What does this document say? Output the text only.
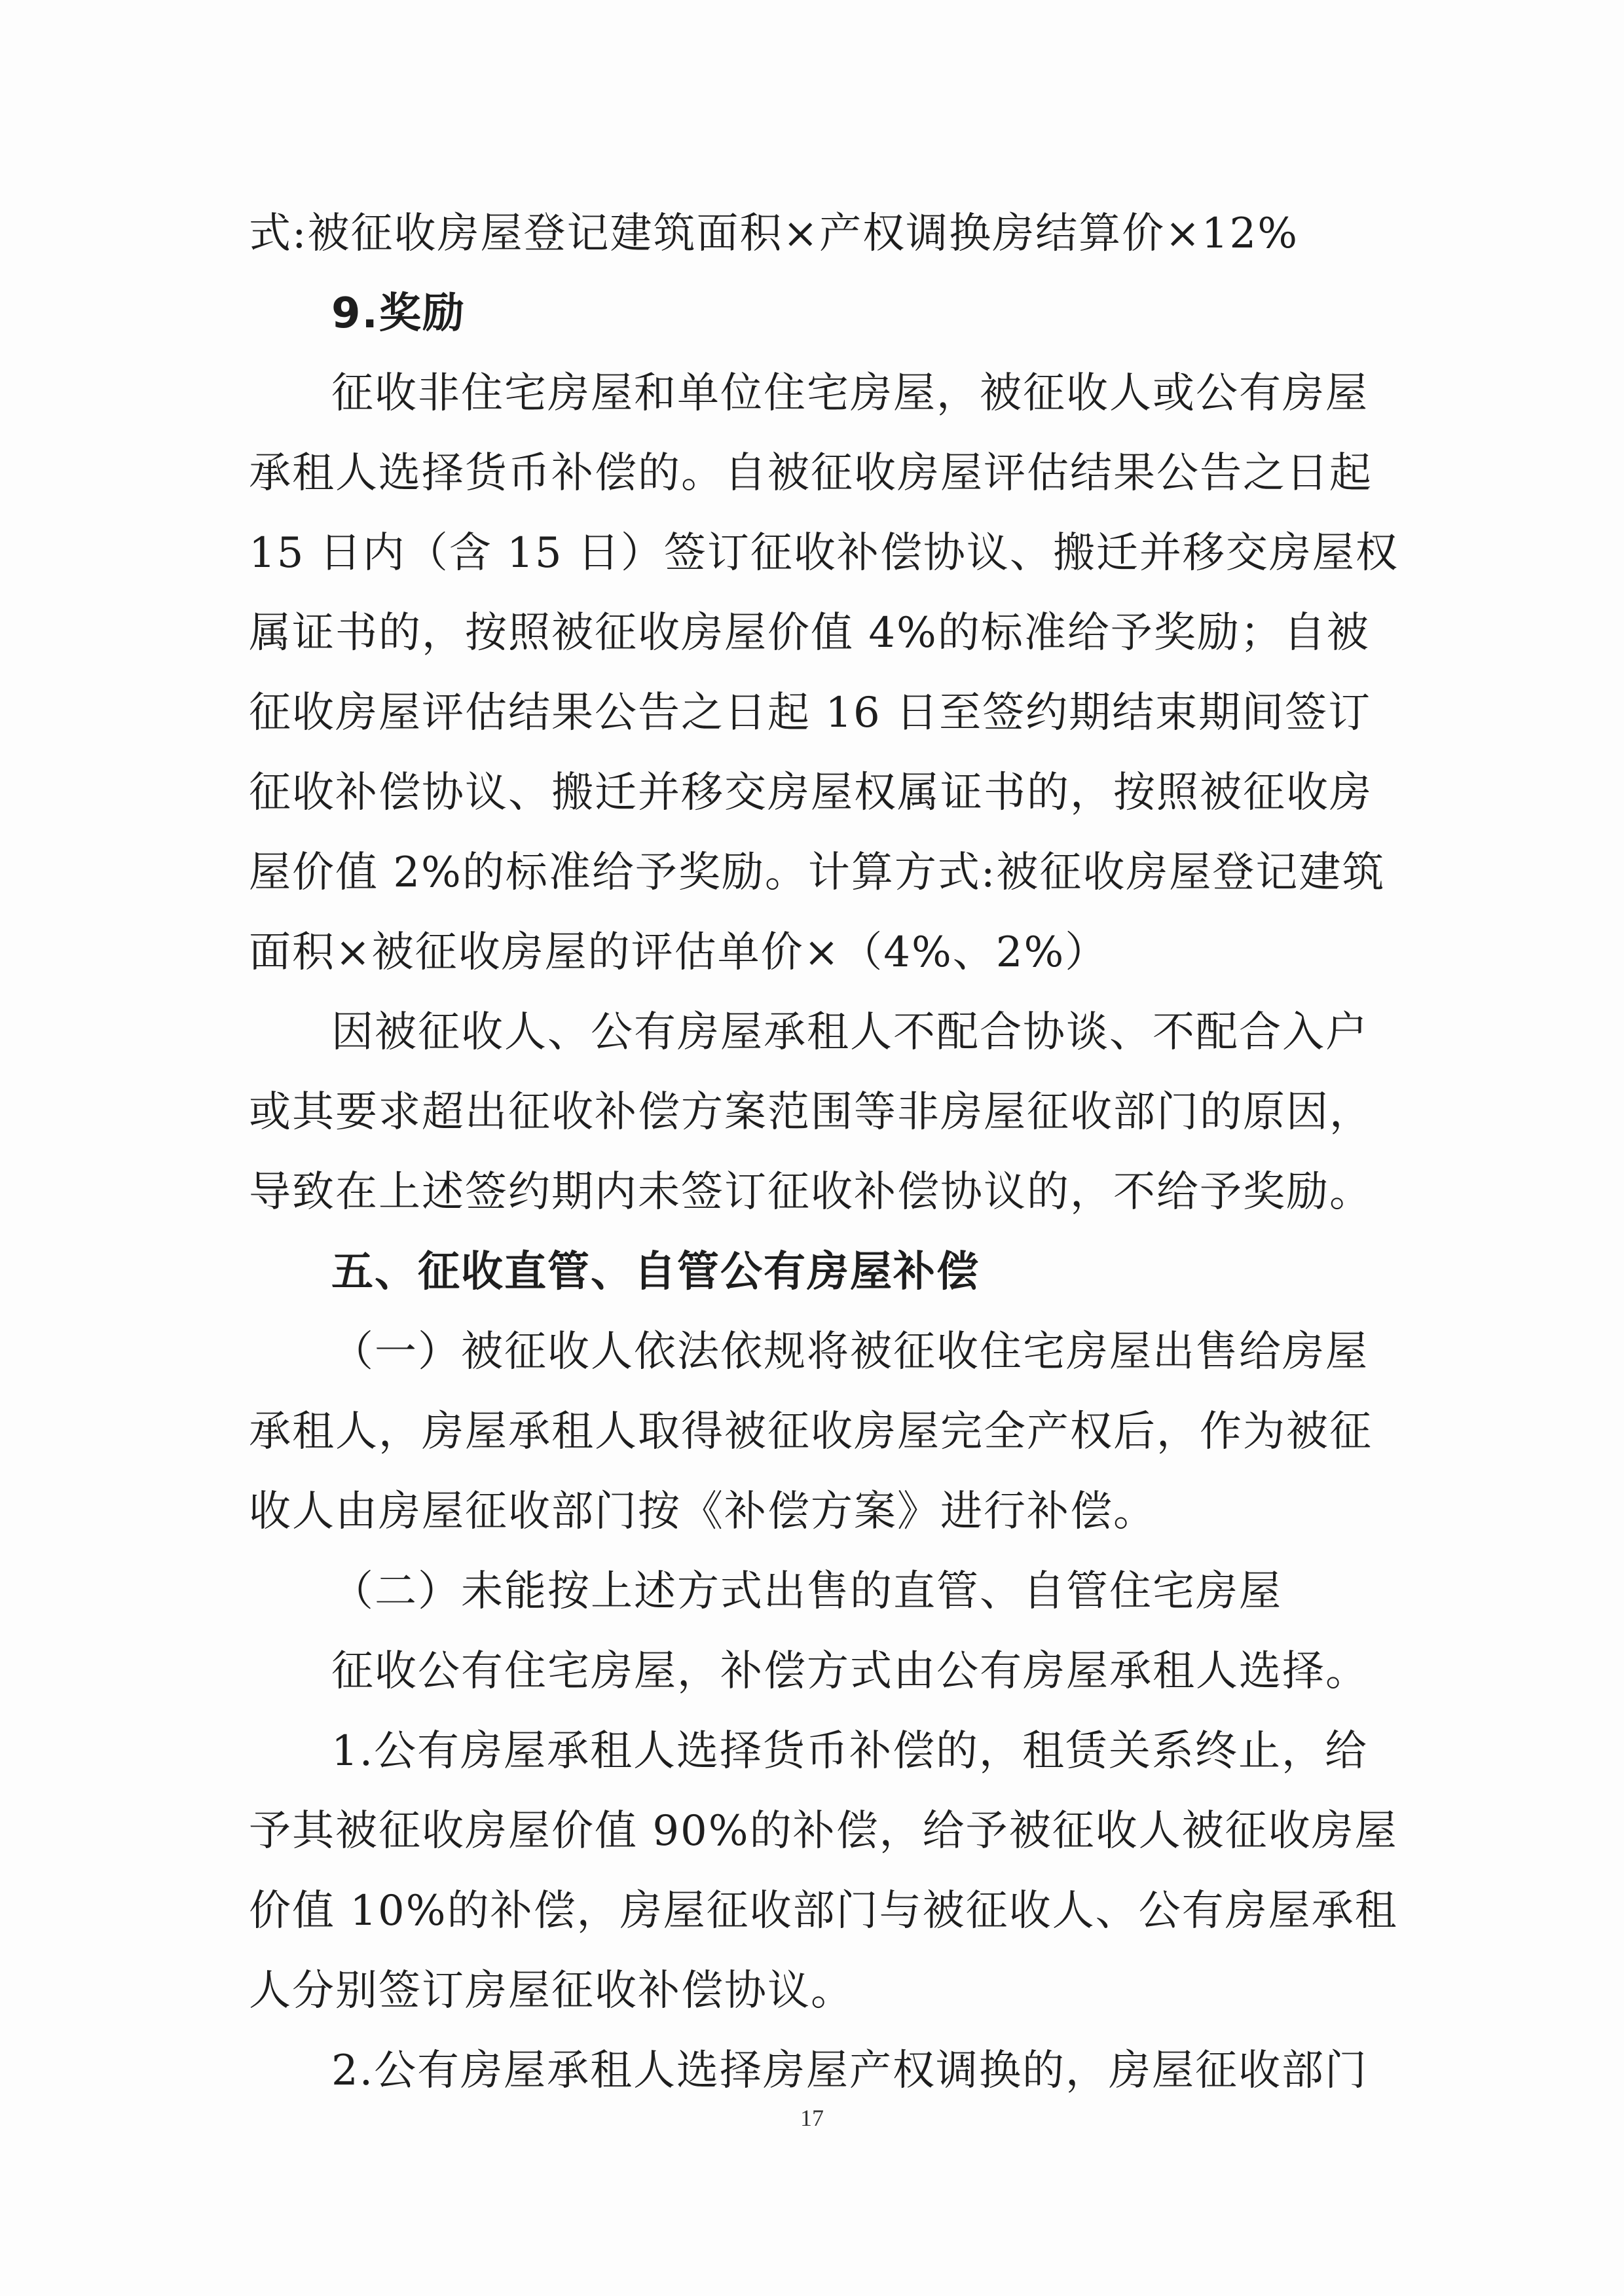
式:被征收房屋登记建筑面积×产权调换房结算价×12%
9.奖励
征收非住宅房屋和单位住宅房屋，被征收人或公有房屋
承租人选择货币补偿的。自被征收房屋评估结果公告之日起
15 日内（含 15 日）签订征收补偿协议、搬迁并移交房屋权
属证书的，按照被征收房屋价值 4%的标准给予奖励；自被
征收房屋评估结果公告之日起 16 日至签约期结束期间签订
征收补偿协议、搬迁并移交房屋权属证书的，按照被征收房
屋价值 2%的标准给予奖励。计算方式:被征收房屋登记建筑
面积×被征收房屋的评估单价×（4%、2%）
因被征收人、公有房屋承租人不配合协谈、不配合入户
或其要求超出征收补偿方案范围等非房屋征收部门的原因，
导致在上述签约期内未签订征收补偿协议的，不给予奖励。
五、征收直管、自管公有房屋补偿
（一）被征收人依法依规将被征收住宅房屋出售给房屋
承租人，房屋承租人取得被征收房屋完全产权后，作为被征
收人由房屋征收部门按《补偿方案》进行补偿。
（二）未能按上述方式出售的直管、自管住宅房屋
征收公有住宅房屋，补偿方式由公有房屋承租人选择。
1.公有房屋承租人选择货币补偿的，租赁关系终止，给
予其被征收房屋价值 90%的补偿，给予被征收人被征收房屋
价值 10%的补偿，房屋征收部门与被征收人、公有房屋承租
人分别签订房屋征收补偿协议。
2.公有房屋承租人选择房屋产权调换的，房屋征收部门
17
